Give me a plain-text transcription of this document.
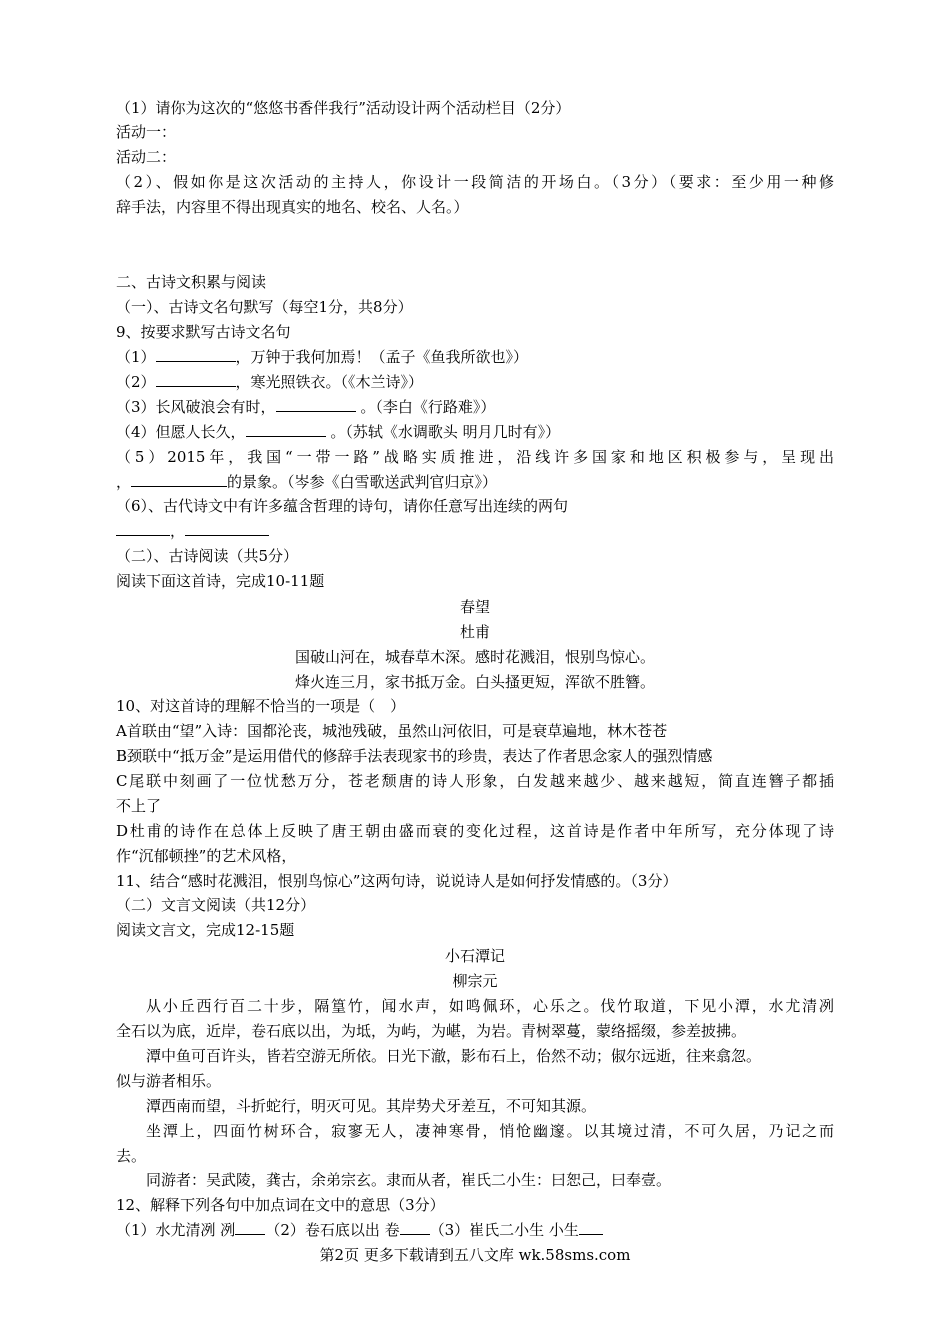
（1）请你为这次的“悠悠书香伴我行”活动设计两个活动栏目（2分）
活动一：
活动二：
（2）、假如你是这次活动的主持人，你设计一段简洁的开场白。（3分）（要求：至少用一种修
辞手法，内容里不得出现真实的地名、校名、人名。）
二、古诗文积累与阅读
（一）、古诗文名句默写（每空1分，共8分）
9、按要求默写古诗文名句
（1）	，万钟于我何加焉！（孟子《鱼我所欲也》）
（2）	，寒光照铁衣。（《木兰诗》）
（3）长风破浪会有时，	。（李白《行路难》）
（4）但愿人长久，	。（苏轼《水调歌头 明月几时有》）
（5）2015年，我国“一带一路”战略实质推进，沿线许多国家和地区积极参与，呈现出
，	的景象。（岑参《白雪歌送武判官归京》）
（6）、古代诗文中有许多蕴含哲理的诗句，请你任意写出连续的两句
，
（二）、古诗阅读（共5分）
阅读下面这首诗，完成10-11题
春望
杜甫
国破山河在，城春草木深。感时花溅泪，恨别鸟惊心。
烽火连三月，家书抵万金。白头搔更短，浑欲不胜簪。
10、对这首诗的理解不恰当的一项是（　）
A首联由“望”入诗：国都沦丧，城池残破，虽然山河依旧，可是衰草遍地，林木苍苍
B颈联中“抵万金”是运用借代的修辞手法表现家书的珍贵，表达了作者思念家人的强烈情感
C尾联中刻画了一位忧愁万分，苍老颓唐的诗人形象，白发越来越少、越来越短，简直连簪子都插
不上了
D杜甫的诗作在总体上反映了唐王朝由盛而衰的变化过程，这首诗是作者中年所写，充分体现了诗
作“沉郁顿挫”的艺术风格，
11、结合“感时花溅泪，恨别鸟惊心”这两句诗，说说诗人是如何抒发情感的。（3分）
（二）文言文阅读（共12分）
阅读文言文，完成12-15题
小石潭记
柳宗元
从小丘西行百二十步，隔篁竹，闻水声，如鸣佩环，心乐之。伐竹取道，下见小潭，水尤清冽
全石以为底，近岸，卷石底以出，为坻，为屿，为嵁，为岩。青树翠蔓，蒙络摇缀，参差披拂。
潭中鱼可百许头，皆若空游无所依。日光下澈，影布石上，佁然不动；俶尔远逝，往来翕忽。
似与游者相乐。
潭西南而望，斗折蛇行，明灭可见。其岸势犬牙差互，不可知其源。
坐潭上，四面竹树环合，寂寥无人，凄神寒骨，悄怆幽邃。以其境过清，不可久居，乃记之而
去。
同游者：吴武陵，龚古，余弟宗玄。隶而从者，崔氏二小生：曰恕己，曰奉壹。
12、解释下列各句中加点词在文中的意思（3分）
（1）水尤清冽 冽 （2）卷石底以出 卷 （3）崔氏二小生 小生
第2页 更多下载请到五八文库 wk.58sms.com
